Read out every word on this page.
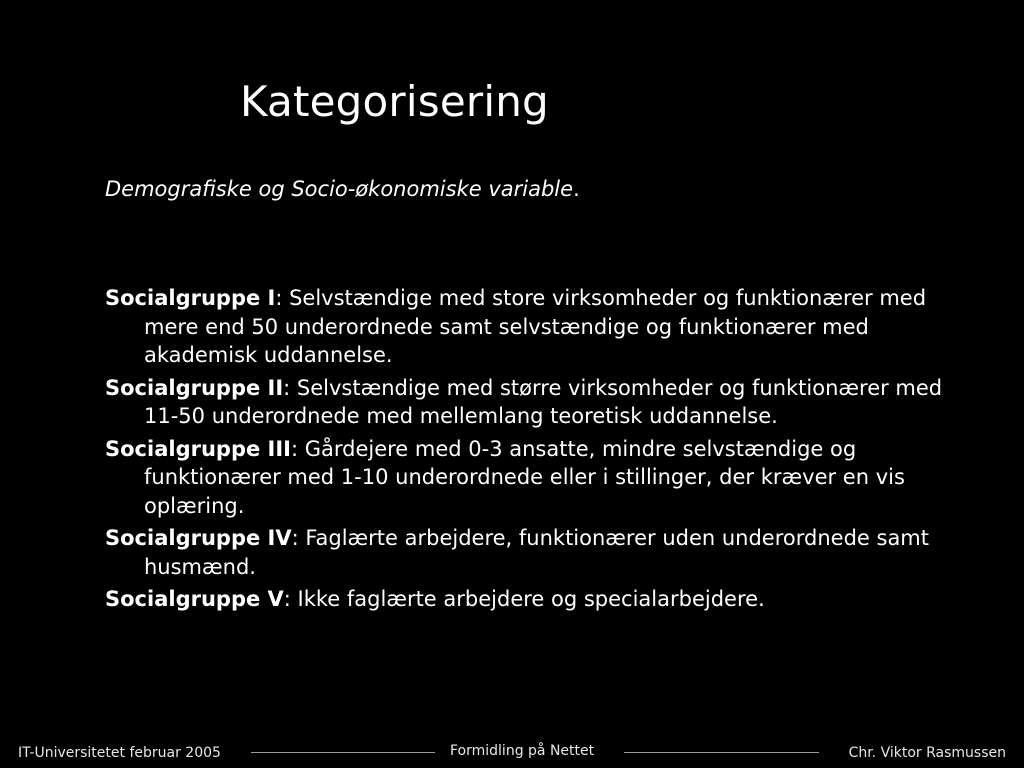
Kategorisering

Demografiske og Socio-økonomiske variable.

Socialgruppe I: Selvstændige med store virksomheder og funktionærer med mere end 50 underordnede samt selvstændige og funktionærer med akademisk uddannelse.
Socialgruppe II: Selvstændige med større virksomheder og funktionærer med 11-50 underordnede med mellemlang teoretisk uddannelse.
Socialgruppe III: Gårdejere med 0-3 ansatte, mindre selvstændige og funktionærer med 1-10 underordnede eller i stillinger, der kræver en vis oplæring.
Socialgruppe IV: Faglærte arbejdere, funktionærer uden underordnede samt husmænd.
Socialgruppe V: Ikke faglærte arbejdere og specialarbejdere.
IT-Universitetet februar 2005	Formidling på Nettet	Chr. Viktor Rasmussen
